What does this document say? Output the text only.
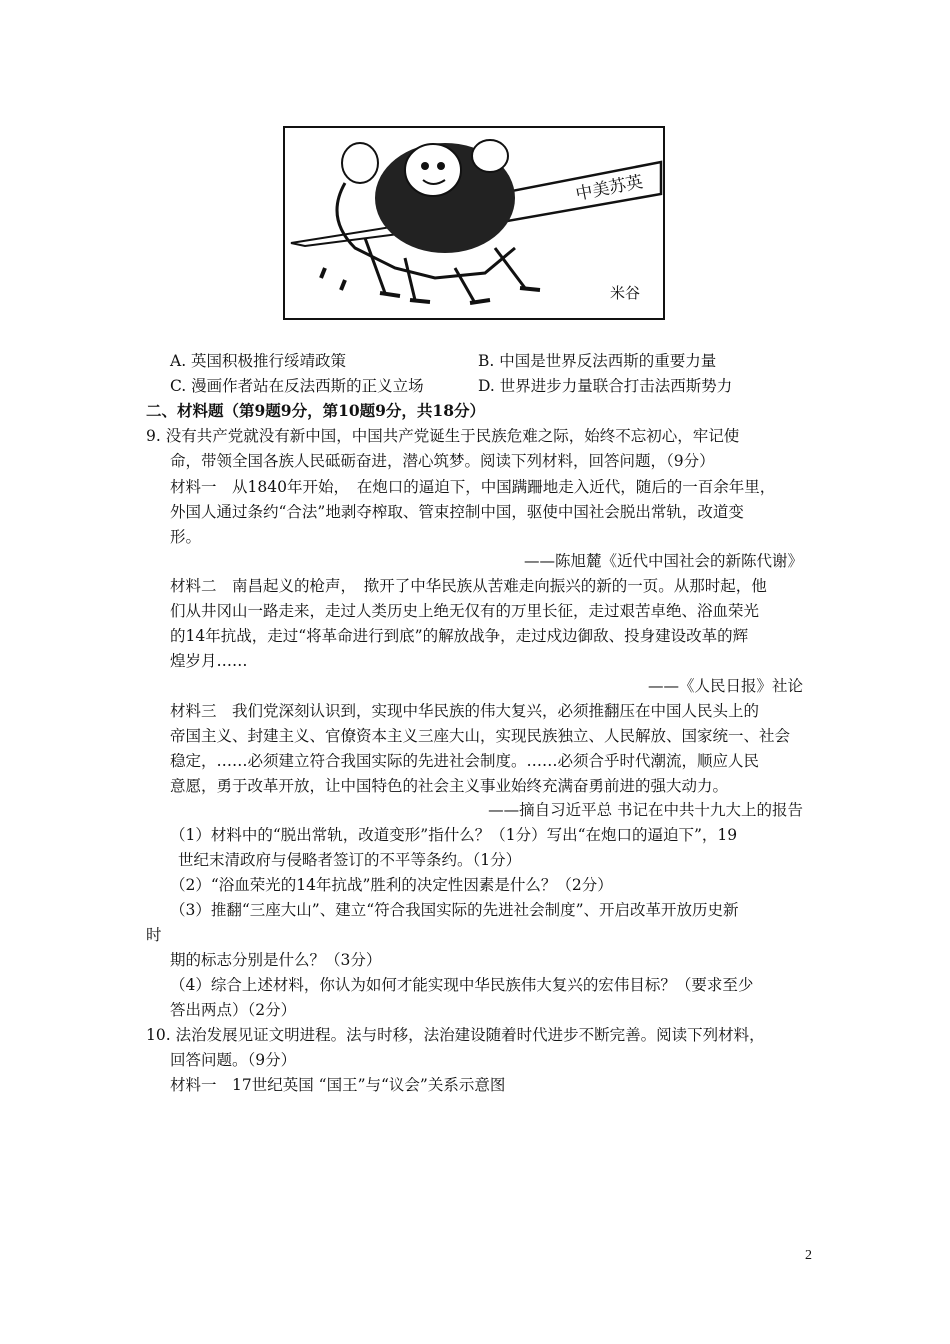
中美苏英
米谷
A. 英国积极推行绥靖政策	B. 中国是世界反法西斯的重要力量
C. 漫画作者站在反法西斯的正义立场	D. 世界进步力量联合打击法西斯势力
二、材料题（第9题9分，第10题9分，共18分）
9. 没有共产党就没有新中国，中国共产党诞生于民族危难之际，始终不忘初心，牢记使
命，带领全国各族人民砥砺奋进，潜心筑梦。阅读下列材料，回答问题，（9分）
材料一　从1840年开始，　在炮口的逼迫下，中国蹒跚地走入近代，随后的一百余年里，
外国人通过条约“合法”地剥夺榨取、管束控制中国，驱使中国社会脱出常轨，改道变
形。
——陈旭麓《近代中国社会的新陈代谢》
材料二　南昌起义的枪声，　揿开了中华民族从苦难走向振兴的新的一页。从那时起，他
们从井冈山一路走来，走过人类历史上绝无仅有的万里长征，走过艰苦卓绝、浴血荣光
的14年抗战，走过“将革命进行到底”的解放战争，走过戍边御敌、投身建设改革的辉
煌岁月……
——《人民日报》社论
材料三　我们党深刻认识到，实现中华民族的伟大复兴，必须推翻压在中国人民头上的
帝国主义、封建主义、官僚资本主义三座大山，实现民族独立、人民解放、国家统一、社会
稳定，……必须建立符合我国实际的先进社会制度。……必须合乎时代潮流，顺应人民
意愿，勇于改革开放，让中国特色的社会主义事业始终充满奋勇前进的强大动力。
——摘自习近平总 书记在中共十九大上的报告
（1）材料中的“脱出常轨，改道变形”指什么？（1分）写出“在炮口的逼迫下”，19
世纪末清政府与侵略者签订的不平等条约。（1分）
（2）“浴血荣光的14年抗战”胜利的决定性因素是什么？（2分）
（3）推翻“三座大山”、建立“符合我国实际的先进社会制度”、开启改革开放历史新
时
期的标志分别是什么？（3分）
（4）综合上述材料，你认为如何才能实现中华民族伟大复兴的宏伟目标？（要求至少
答出两点）（2分）
10. 法治发展见证文明进程。法与时移，法治建设随着时代进步不断完善。阅读下列材料，
回答问题。（9分）
材料一　17世纪英国 “国王”与“议会”关系示意图
2
